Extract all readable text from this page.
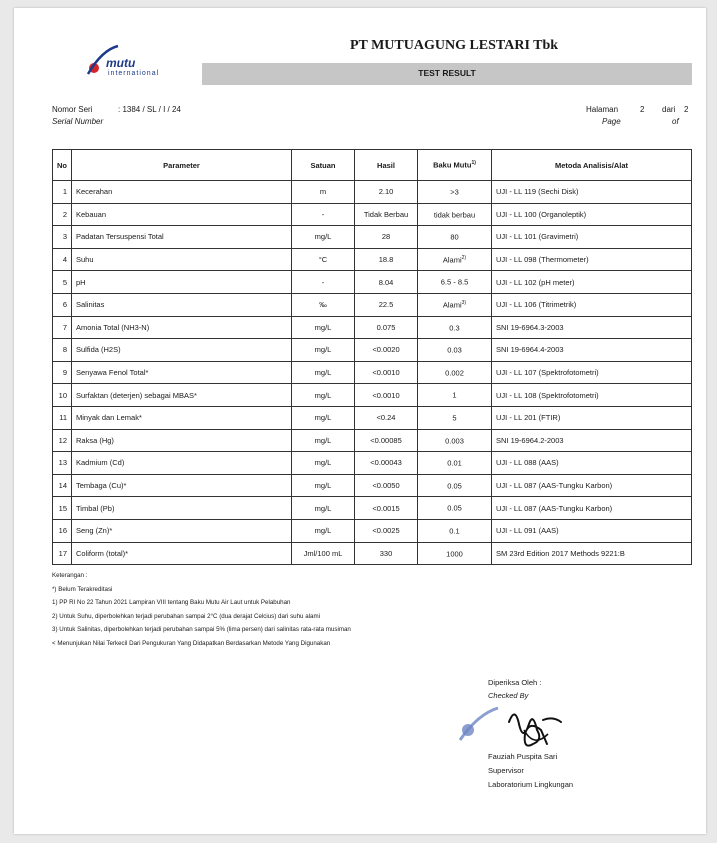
mutu
international
PT MUTUAGUNG LESTARI Tbk
TEST RESULT
Nomor Seri
Serial Number
: 1384 / SL / I / 24	Halaman	2 dari 2
Page	of
No	Parameter	Satuan	Hasil	Baku Mutu$^{1)}$	Metoda Analisis/Alat
1	Kecerahan	m	2.10	>3	UJI - LL 119 (Sechi Disk)
2	Kebauan	-	Tidak Berbau	tidak berbau	UJI - LL 100 (Organoleptik)
3	Padatan Tersuspensi Total	mg/L	28	80	UJI - LL 101 (Gravimetri)
4	Suhu	°C	18.8	Alami$^{2)}$	UJI - LL 098 (Thermometer)
5	pH	-	8.04	6.5 - 8.5	UJI - LL 102 (pH meter)
6	Salinitas	‰	22.5	Alami$^{3)}$	UJI - LL 106 (Titrimetrik)
7	Amonia Total (NH3-N)	mg/L	0.075	0.3	SNI 19-6964.3-2003
8	Sulfida (H2S)	mg/L	<0.0020	0.03	SNI 19-6964.4-2003
9	Senyawa Fenol Total*	mg/L	<0.0010	0.002	UJI - LL 107 (Spektrofotometri)
10	Surfaktan (deterjen) sebagai MBAS*	mg/L	<0.0010	1	UJI - LL 108 (Spektrofotometri)
11	Minyak dan Lemak*	mg/L	<0.24	5	UJI - LL 201 (FTIR)
12	Raksa (Hg)	mg/L	<0.00085	0.003	SNI 19-6964.2-2003
13	Kadmium (Cd)	mg/L	<0.00043	0.01	UJI - LL 088 (AAS)
14	Tembaga (Cu)*	mg/L	<0.0050	0.05	UJI - LL 087 (AAS-Tungku Karbon)
15	Timbal (Pb)	mg/L	<0.0015	0.05	UJI - LL 087 (AAS-Tungku Karbon)
16	Seng (Zn)*	mg/L	<0.0025	0.1	UJI - LL 091 (AAS)
17	Coliform (total)*	Jml/100 mL	330	1000	SM 23rd Edition 2017 Methods 9221:B
Keterangan :
*) Belum Terakreditasi
1) PP RI No 22 Tahun 2021 Lampiran VIII tentang Baku Mutu Air Laut untuk Pelabuhan
2) Untuk Suhu, diperbolehkan terjadi perubahan sampai 2°C (dua derajat Celcius) dari suhu alami
3) Untuk Salinitas, diperbolehkan terjadi perubahan sampai 5% (lima persen) dari salinitas rata-rata musiman
< Menunjukan Nilai Terkecil Dari Pengukuran Yang Didapatkan Berdasarkan Metode Yang Digunakan
Diperiksa Oleh :
Checked By
Fauziah Puspita Sari
Supervisor
Laboratorium Lingkungan
